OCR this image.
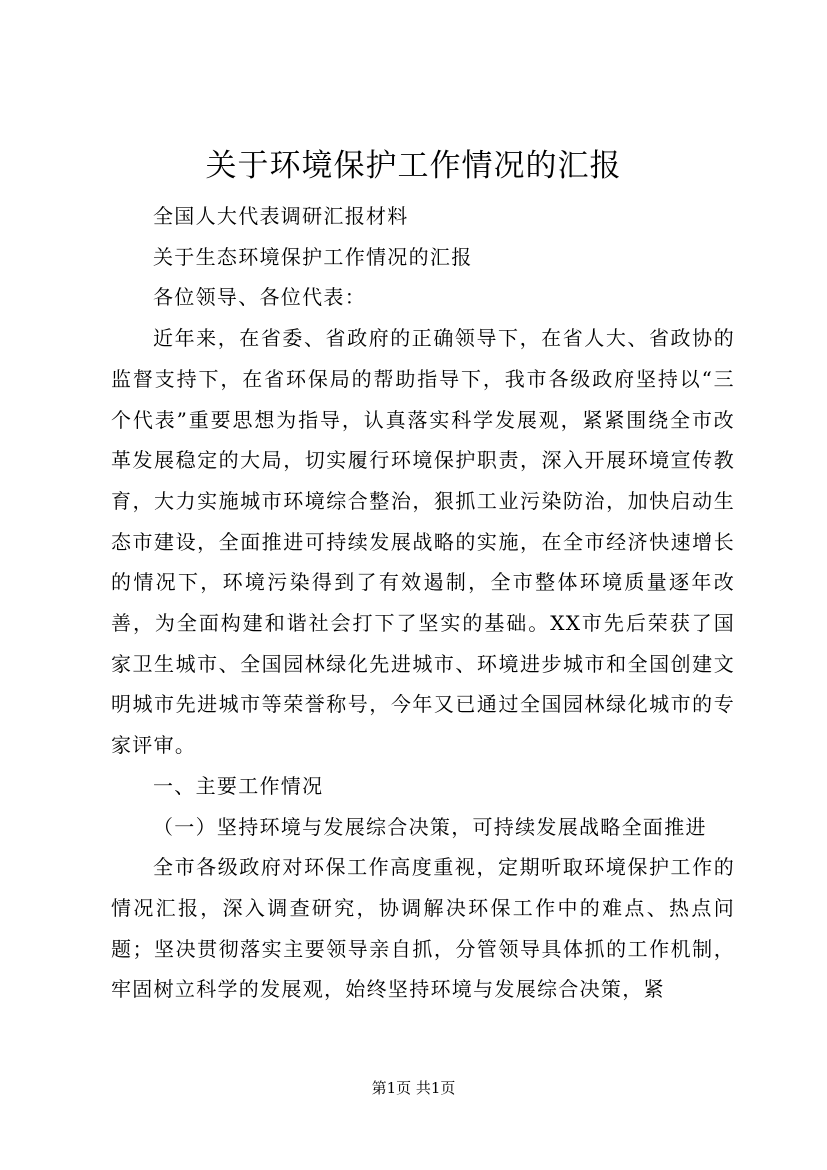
关于环境保护工作情况的汇报

全国人大代表调研汇报材料

关于生态环境保护工作情况的汇报

各位领导、各位代表：

近年来，在省委、省政府的正确领导下，在省人大、省政协的监督支持下，在省环保局的帮助指导下，我市各级政府坚持以“三个代表”重要思想为指导，认真落实科学发展观，紧紧围绕全市改革发展稳定的大局，切实履行环境保护职责，深入开展环境宣传教育，大力实施城市环境综合整治，狠抓工业污染防治，加快启动生态市建设，全面推进可持续发展战略的实施，在全市经济快速增长的情况下，环境污染得到了有效遏制，全市整体环境质量逐年改善，为全面构建和谐社会打下了坚实的基础。XX市先后荣获了国家卫生城市、全国园林绿化先进城市、环境进步城市和全国创建文明城市先进城市等荣誉称号，今年又已通过全国园林绿化城市的专家评审。

一、主要工作情况

（一）坚持环境与发展综合决策，可持续发展战略全面推进

全市各级政府对环保工作高度重视，定期听取环境保护工作的情况汇报，深入调查研究，协调解决环保工作中的难点、热点问题；坚决贯彻落实主要领导亲自抓，分管领导具体抓的工作机制，牢固树立科学的发展观，始终坚持环境与发展综合决策，紧

第1页 共1页
